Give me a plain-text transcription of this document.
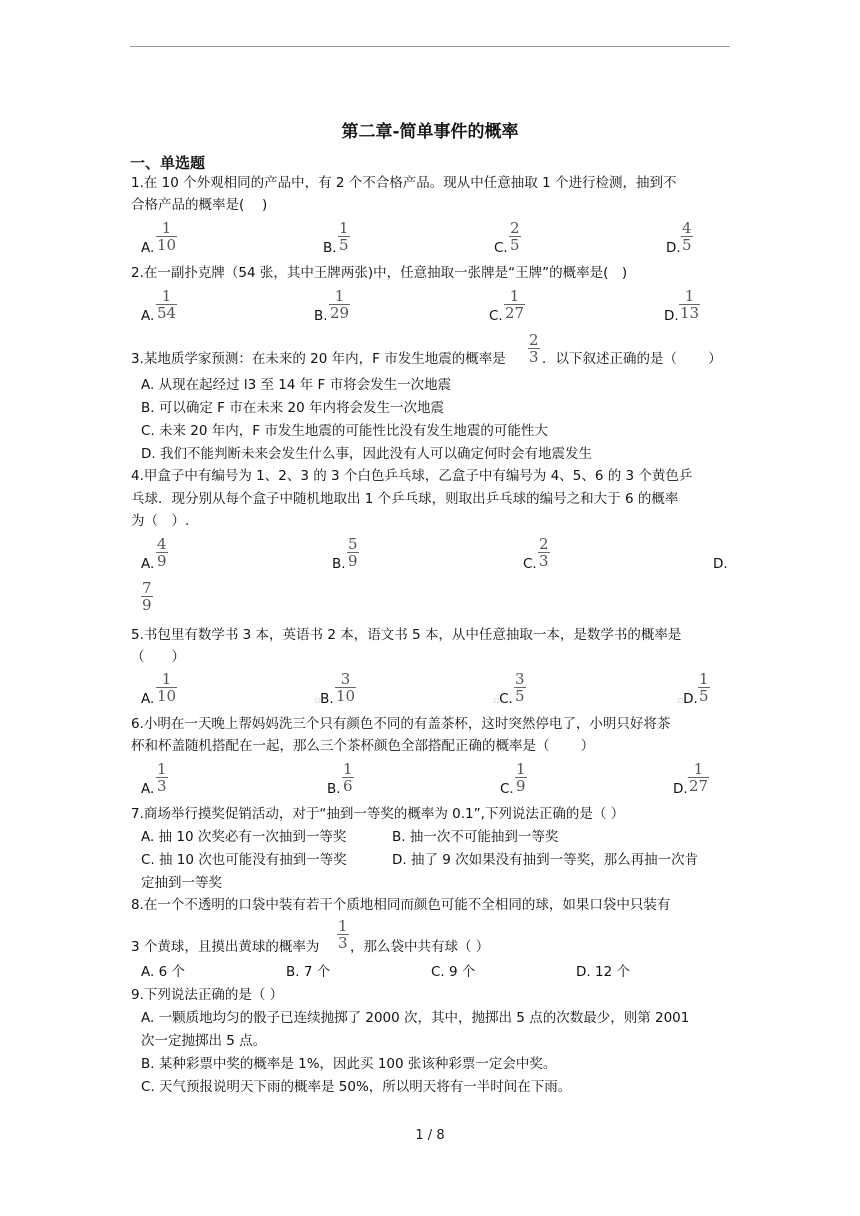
第二章-简单事件的概率
一、单选题
1.在 10 个外观相同的产品中，有 2 个不合格产品。现从中任意抽取 1 个进行检测，抽到不
合格产品的概率是(　 )
A. $\frac{1}{10}$	B. $\frac{1}{5}$	C. $\frac{2}{5}$	D. $\frac{4}{5}$
2.在一副扑克牌（54 张，其中王牌两张)中，任意抽取一张牌是“王牌”的概率是(　)
A. $\frac{1}{54}$	B. $\frac{1}{29}$	C. $\frac{1}{27}$	D. $\frac{1}{13}$
3.某地质学家预测：在未来的 20 年内，F 市发生地震的概率是 $\frac{2}{3}$ ．以下叙述正确的是（　　 ）
A. 从现在起经过 l3 至 14 年 F 市将会发生一次地震
B. 可以确定 F 市在未来 20 年内将会发生一次地震
C. 未来 20 年内，F 市发生地震的可能性比没有发生地震的可能性大
D. 我们不能判断未来会发生什么事，因此没有人可以确定何时会有地震发生
4.甲盒子中有编号为 1、2、3 的 3 个白色乒乓球，乙盒子中有编号为 4、5、6 的 3 个黄色乒
乓球．现分别从每个盒子中随机地取出 1 个乒乓球，则取出乒乓球的编号之和大于 6 的概率
为（　）.
A. $\frac{4}{9}$	B. $\frac{5}{9}$	C. $\frac{2}{3}$	D.
$\frac{7}{9}$
5.书包里有数学书 3 本，英语书 2 本，语文书 5 本，从中任意抽取一本，是数学书的概率是
（　　）
A. $\frac{1}{10}$	▫B. $\frac{3}{10}$	▫C. $\frac{3}{5}$	▫D. $\frac{1}{5}$
6.小明在一天晚上帮妈妈洗三个只有颜色不同的有盖茶杯，这时突然停电了，小明只好将茶
杯和杯盖随机搭配在一起，那么三个茶杯颜色全部搭配正确的概率是（　　 ）
A. $\frac{1}{3}$	B. $\frac{1}{6}$	C. $\frac{1}{9}$	D. $\frac{1}{27}$
7.商场举行摸奖促销活动，对于“抽到一等奖的概率为 0.1”,下列说法正确的是（ ）
A. 抽 10 次奖必有一次抽到一等奖	B. 抽一次不可能抽到一等奖
C. 抽 10 次也可能没有抽到一等奖	D. 抽了 9 次如果没有抽到一等奖，那么再抽一次肯
定抽到一等奖
8.在一个不透明的口袋中装有若干个质地相同而颜色可能不全相同的球，如果口袋中只装有
3 个黄球，且摸出黄球的概率为 $\frac{1}{3}$ ，那么袋中共有球（ ）
A. 6 个	B. 7 个	C. 9 个	D. 12 个
9.下列说法正确的是（ ）
A. 一颗质地均匀的骰子已连续抛掷了 2000 次，其中，抛掷出 5 点的次数最少，则第 2001
次一定抛掷出 5 点。
B. 某种彩票中奖的概率是 1%，因此买 100 张该种彩票一定会中奖。
C. 天气预报说明天下雨的概率是 50%，所以明天将有一半时间在下雨。
1 / 8
